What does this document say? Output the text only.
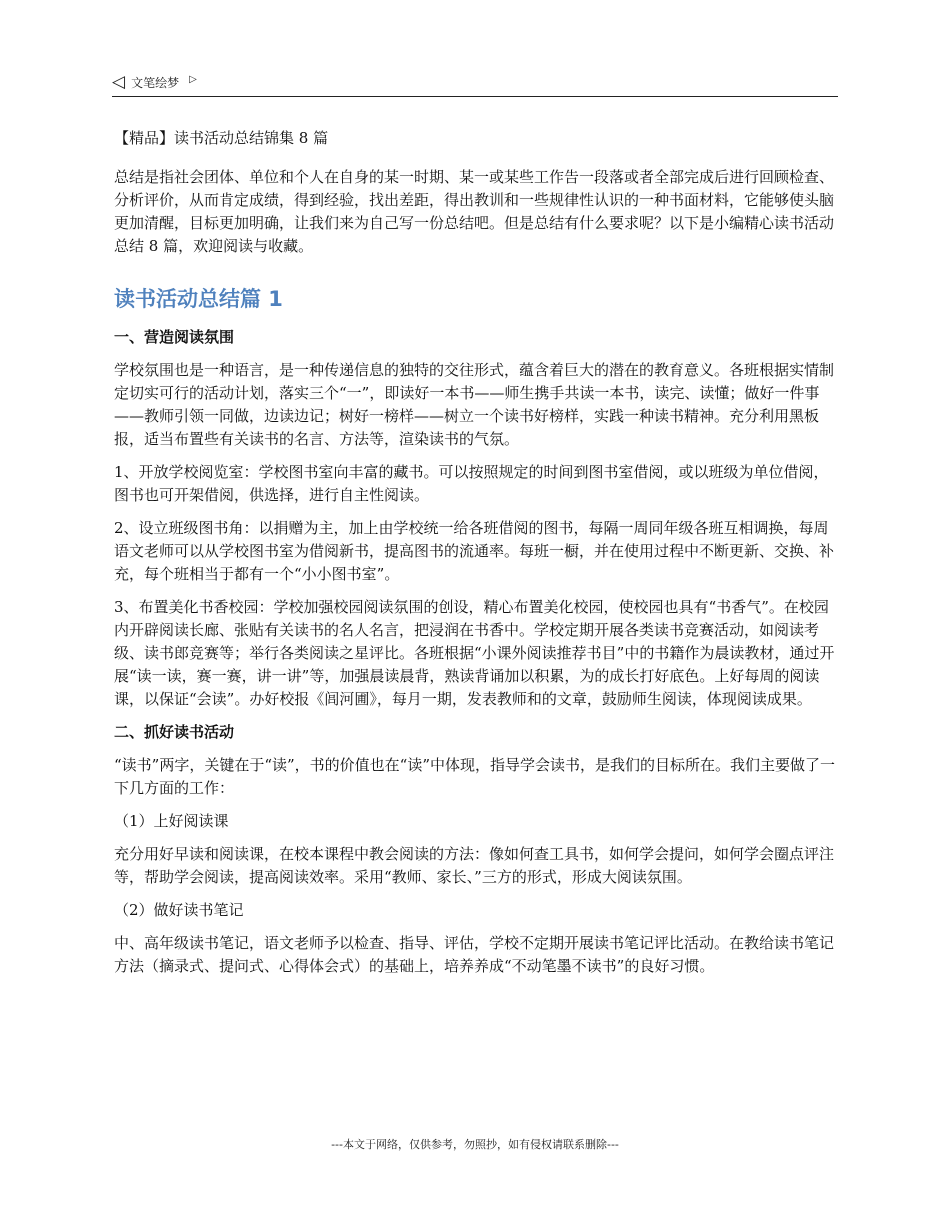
◁ 文笔绘梦 ▷
【精品】读书活动总结锦集 8 篇

总结是指社会团体、单位和个人在自身的某一时期、某一或某些工作告一段落或者全部完成后进行回顾检查、分析评价，从而肯定成绩，得到经验，找出差距，得出教训和一些规律性认识的一种书面材料，它能够使头脑更加清醒，目标更加明确，让我们来为自己写一份总结吧。但是总结有什么要求呢？以下是小编精心读书活动总结 8 篇，欢迎阅读与收藏。

读书活动总结篇 1
一、营造阅读氛围

学校氛围也是一种语言，是一种传递信息的独特的交往形式，蕴含着巨大的潜在的教育意义。各班根据实情制定切实可行的活动计划，落实三个“一”，即读好一本书——师生携手共读一本书，读完、读懂；做好一件事——教师引领一同做，边读边记；树好一榜样——树立一个读书好榜样，实践一种读书精神。充分利用黑板报，适当布置些有关读书的名言、方法等，渲染读书的气氛。

1、开放学校阅览室：学校图书室向丰富的藏书。可以按照规定的时间到图书室借阅，或以班级为单位借阅，图书也可开架借阅，供选择，进行自主性阅读。

2、设立班级图书角：以捐赠为主，加上由学校统一给各班借阅的图书，每隔一周同年级各班互相调换，每周语文老师可以从学校图书室为借阅新书，提高图书的流通率。每班一橱，并在使用过程中不断更新、交换、补充，每个班相当于都有一个“小小图书室”。

3、布置美化书香校园：学校加强校园阅读氛围的创设，精心布置美化校园，使校园也具有“书香气”。在校园内开辟阅读长廊、张贴有关读书的名人名言，把浸润在书香中。学校定期开展各类读书竞赛活动，如阅读考级、读书郎竞赛等；举行各类阅读之星评比。各班根据“小课外阅读推荐书目”中的书籍作为晨读教材，通过开展“读一读，赛一赛，讲一讲”等，加强晨读晨背，熟读背诵加以积累，为的成长打好底色。上好每周的阅读课，以保证“会读”。办好校报《闾河圃》，每月一期，发表教师和的文章，鼓励师生阅读，体现阅读成果。

二、抓好读书活动

“读书”两字，关键在于“读”，书的价值也在“读”中体现，指导学会读书，是我们的目标所在。我们主要做了一下几方面的工作：

（1）上好阅读课

充分用好早读和阅读课，在校本课程中教会阅读的方法：像如何查工具书，如何学会提问，如何学会圈点评注等，帮助学会阅读，提高阅读效率。采用“教师、家长、”三方的形式，形成大阅读氛围。

（2）做好读书笔记

中、高年级读书笔记，语文老师予以检查、指导、评估，学校不定期开展读书笔记评比活动。在教给读书笔记方法（摘录式、提问式、心得体会式）的基础上，培养养成“不动笔墨不读书”的良好习惯。

---本文于网络，仅供参考，勿照抄，如有侵权请联系删除---
